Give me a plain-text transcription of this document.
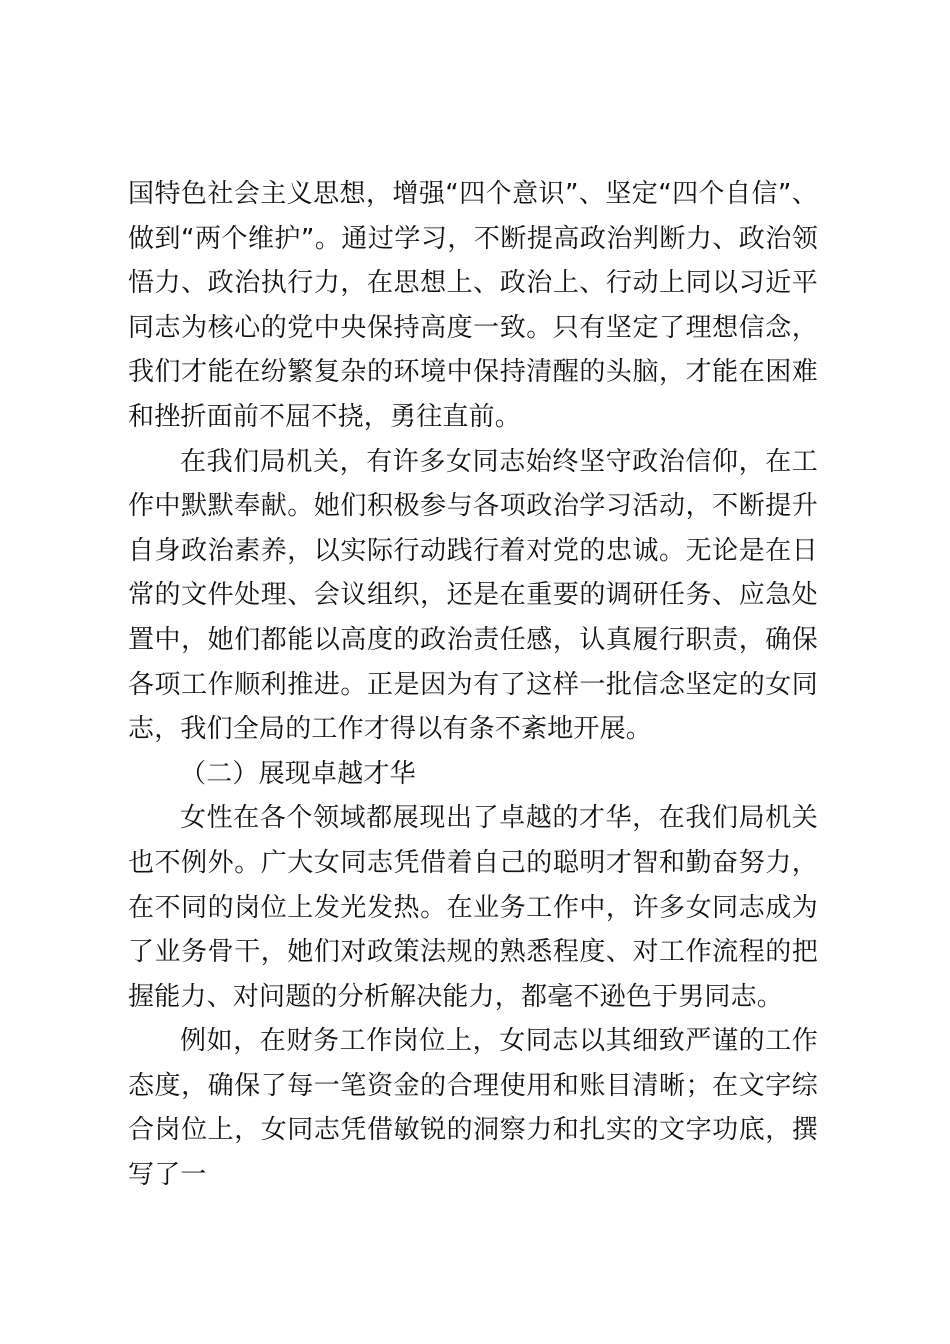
国特色社会主义思想，增强“四个意识”、坚定“四个自信”、做到“两个维护”。通过学习，不断提高政治判断力、政治领悟力、政治执行力，在思想上、政治上、行动上同以习近平同志为核心的党中央保持高度一致。只有坚定了理想信念，我们才能在纷繁复杂的环境中保持清醒的头脑，才能在困难和挫折面前不屈不挠，勇往直前。

在我们局机关，有许多女同志始终坚守政治信仰，在工作中默默奉献。她们积极参与各项政治学习活动，不断提升自身政治素养，以实际行动践行着对党的忠诚。无论是在日常的文件处理、会议组织，还是在重要的调研任务、应急处置中，她们都能以高度的政治责任感，认真履行职责，确保各项工作顺利推进。正是因为有了这样一批信念坚定的女同志，我们全局的工作才得以有条不紊地开展。

（二）展现卓越才华

女性在各个领域都展现出了卓越的才华，在我们局机关也不例外。广大女同志凭借着自己的聪明才智和勤奋努力，在不同的岗位上发光发热。在业务工作中，许多女同志成为了业务骨干，她们对政策法规的熟悉程度、对工作流程的把握能力、对问题的分析解决能力，都毫不逊色于男同志。

例如，在财务工作岗位上，女同志以其细致严谨的工作态度，确保了每一笔资金的合理使用和账目清晰；在文字综合岗位上，女同志凭借敏锐的洞察力和扎实的文字功底，撰写了一
